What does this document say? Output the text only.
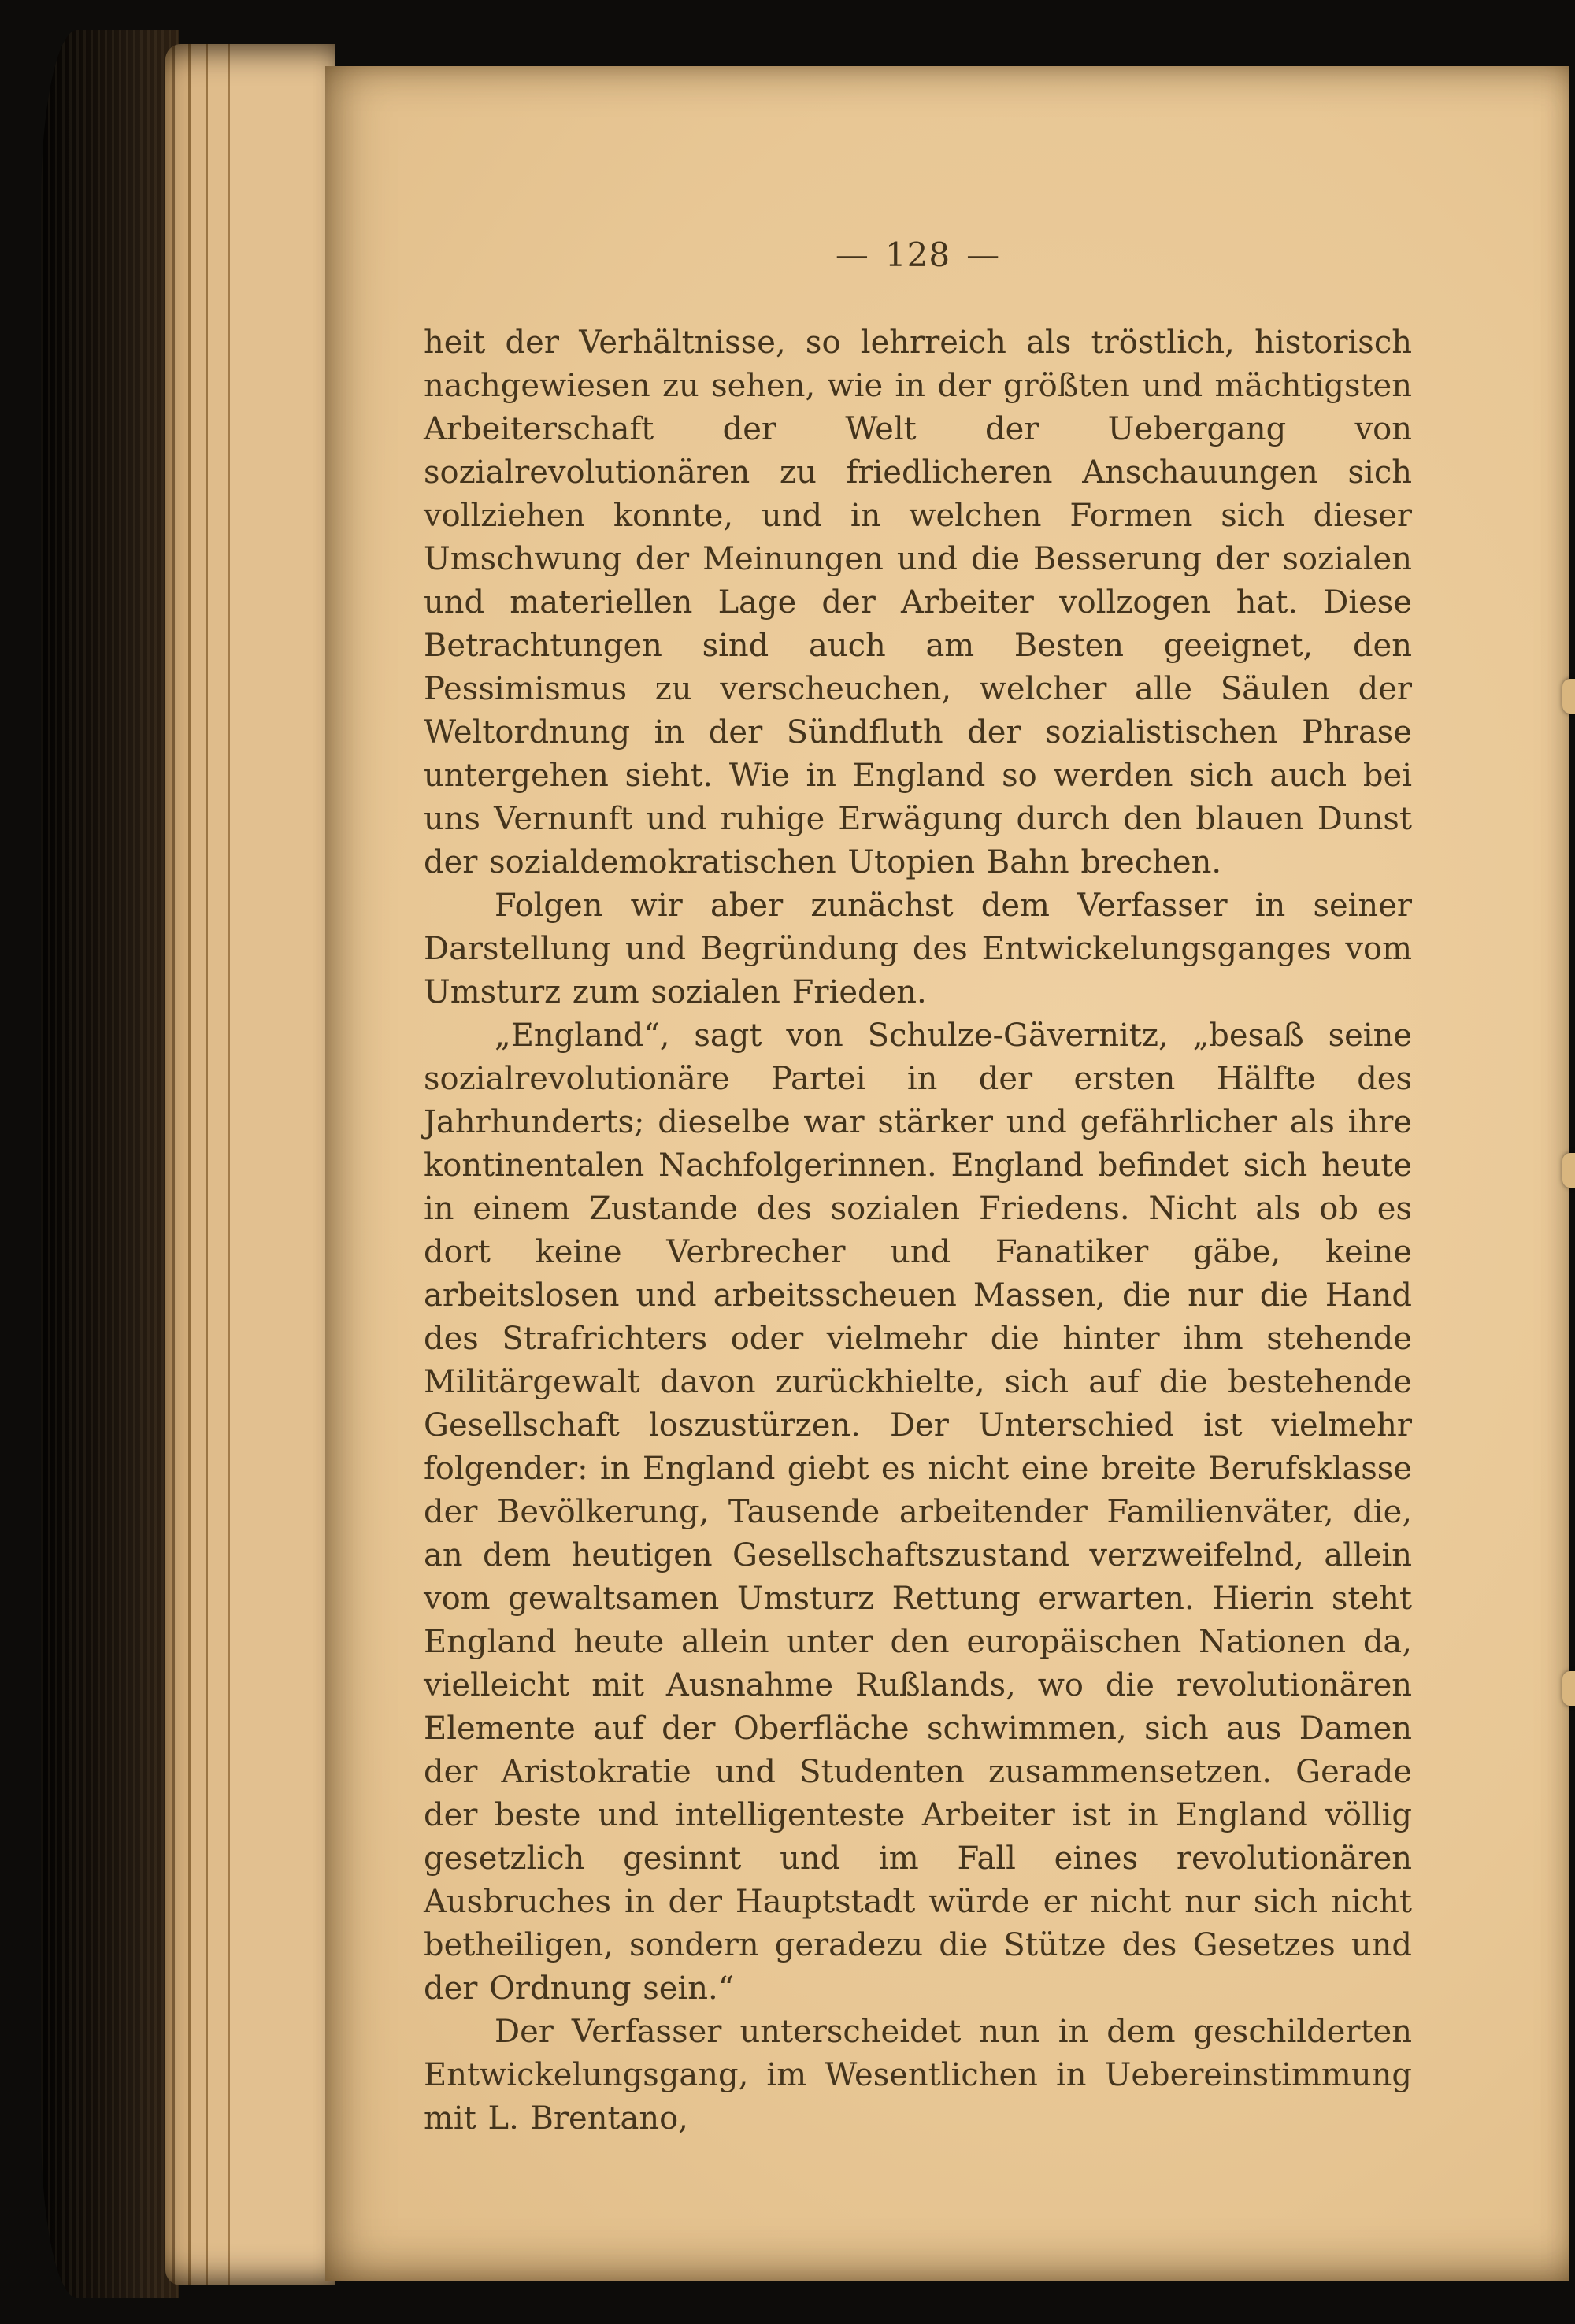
— 128 —

heit der Verhältnisse, so lehrreich als tröstlich, historisch nachgewiesen zu sehen, wie in der größten und mächtigsten Arbeiterschaft der Welt der Uebergang von sozialrevolutionären zu friedlicheren Anschauungen sich vollziehen konnte, und in welchen Formen sich dieser Umschwung der Meinungen und die Besserung der sozialen und materiellen Lage der Arbeiter vollzogen hat. Diese Betrachtungen sind auch am Besten geeignet, den Pessimismus zu verscheuchen, welcher alle Säulen der Weltordnung in der Sündfluth der sozialistischen Phrase untergehen sieht. Wie in England so werden sich auch bei uns Vernunft und ruhige Erwägung durch den blauen Dunst der sozialdemokratischen Utopien Bahn brechen.

Folgen wir aber zunächst dem Verfasser in seiner Darstellung und Begründung des Entwickelungsganges vom Umsturz zum sozialen Frieden.

„England“, sagt von Schulze-Gävernitz, „besaß seine sozialrevolutionäre Partei in der ersten Hälfte des Jahrhunderts; dieselbe war stärker und gefährlicher als ihre kontinentalen Nachfolgerinnen. England befindet sich heute in einem Zustande des sozialen Friedens. Nicht als ob es dort keine Verbrecher und Fanatiker gäbe, keine arbeitslosen und arbeitsscheuen Massen, die nur die Hand des Strafrichters oder vielmehr die hinter ihm stehende Militärgewalt davon zurückhielte, sich auf die bestehende Gesellschaft loszustürzen. Der Unterschied ist vielmehr folgender: in England giebt es nicht eine breite Berufsklasse der Bevölkerung, Tausende arbeitender Familienväter, die, an dem heutigen Gesellschaftszustand verzweifelnd, allein vom gewaltsamen Umsturz Rettung erwarten. Hierin steht England heute allein unter den europäischen Nationen da, vielleicht mit Ausnahme Rußlands, wo die revolutionären Elemente auf der Oberfläche schwimmen, sich aus Damen der Aristokratie und Studenten zusammensetzen. Gerade der beste und intelligenteste Arbeiter ist in England völlig gesetzlich gesinnt und im Fall eines revolutionären Ausbruches in der Hauptstadt würde er nicht nur sich nicht betheiligen, sondern geradezu die Stütze des Gesetzes und der Ordnung sein.“

Der Verfasser unterscheidet nun in dem geschilderten Entwickelungsgang, im Wesentlichen in Uebereinstimmung mit L. Brentano,
